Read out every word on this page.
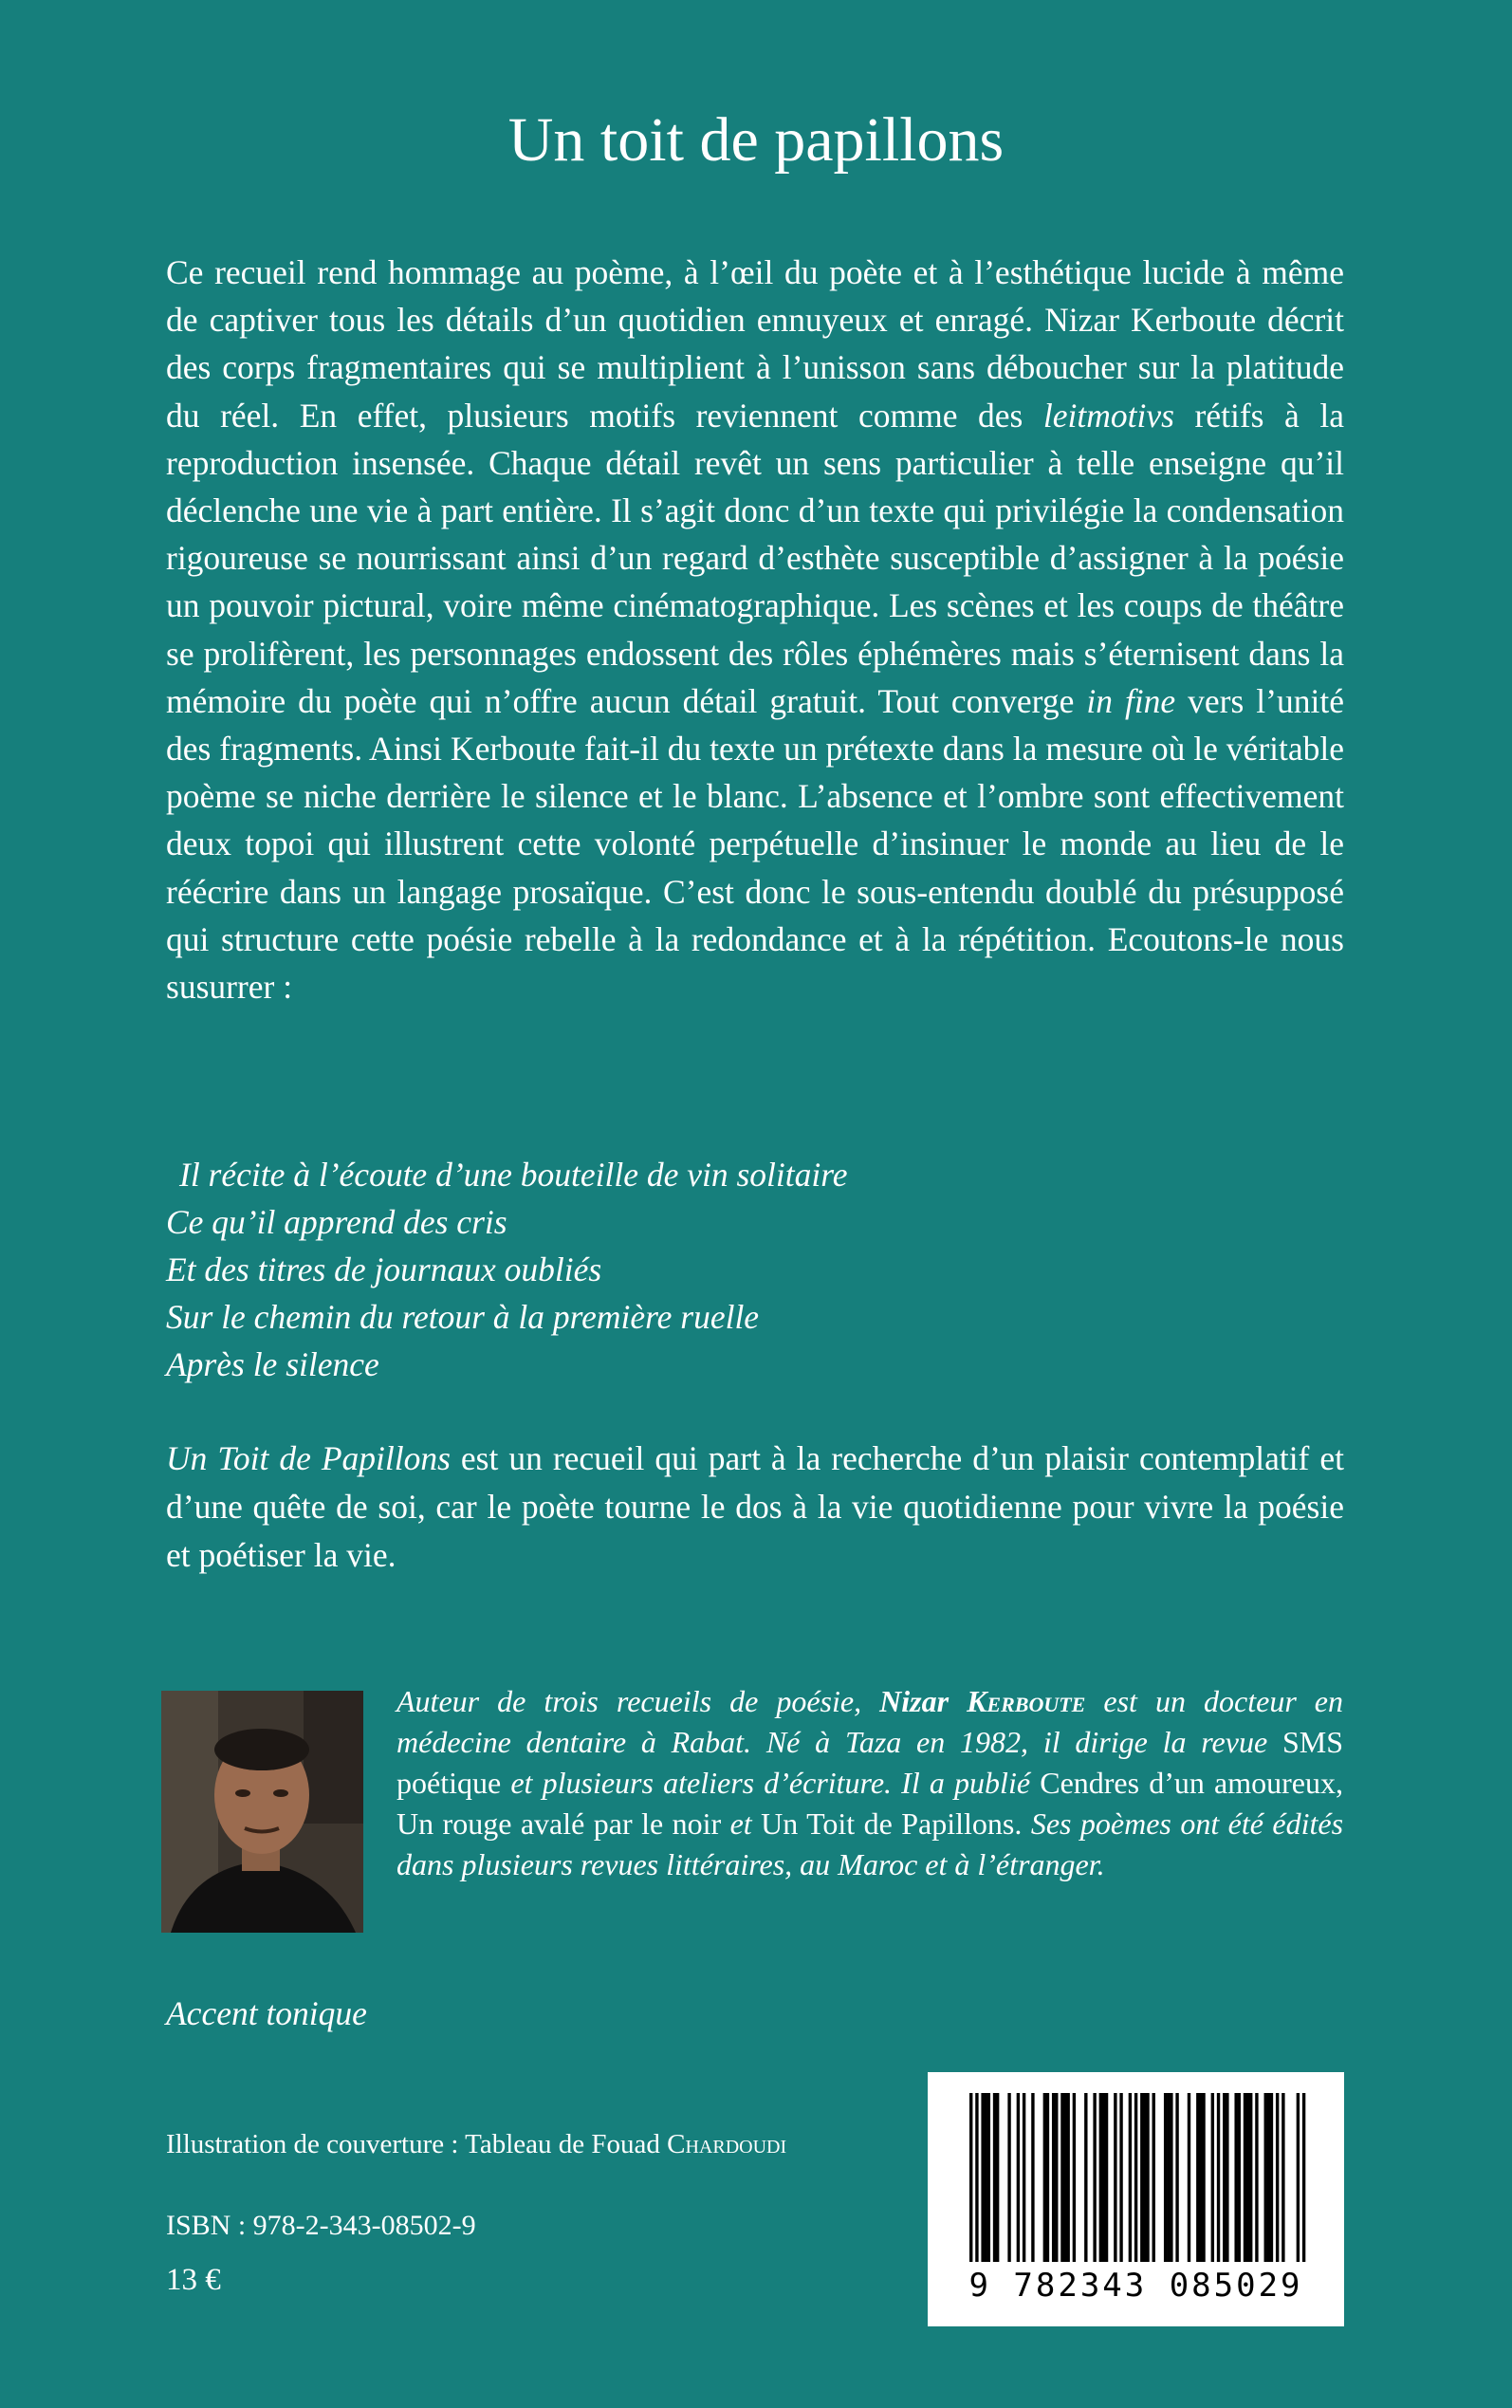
Un toit de papillons

Ce recueil rend hommage au poème, à l’œil du poète et à l’esthétique lucide à même de captiver tous les détails d’un quotidien ennuyeux et enragé. Nizar Kerboute décrit des corps fragmentaires qui se multiplient à l’unisson sans déboucher sur la platitude du réel. En effet, plusieurs motifs reviennent comme des leitmotivs rétifs à la reproduction insensée. Chaque détail revêt un sens particulier à telle enseigne qu’il déclenche une vie à part entière. Il s’agit donc d’un texte qui privilégie la condensation rigoureuse se nourrissant ainsi d’un regard d’esthète susceptible d’assigner à la poésie un pouvoir pictural, voire même cinématographique. Les scènes et les coups de théâtre se prolifèrent, les personnages endossent des rôles éphémères mais s’éternisent dans la mémoire du poète qui n’offre aucun détail gratuit. Tout converge in fine vers l’unité des fragments. Ainsi Kerboute fait-il du texte un prétexte dans la mesure où le véritable poème se niche derrière le silence et le blanc. L’absence et l’ombre sont effectivement deux topoi qui illustrent cette volonté perpétuelle d’insinuer le monde au lieu de le réécrire dans un langage prosaïque. C’est donc le sous-entendu doublé du présupposé qui structure cette poésie rebelle à la redondance et à la répétition. Ecoutons-le nous susurrer :

Il récite à l’écoute d’une bouteille de vin solitaire
Ce qu’il apprend des cris
Et des titres de journaux oubliés
Sur le chemin du retour à la première ruelle
Après le silence

Un Toit de Papillons est un recueil qui part à la recherche d’un plaisir contemplatif et d’une quête de soi, car le poète tourne le dos à la vie quotidienne pour vivre la poésie et poétiser la vie.

Auteur de trois recueils de poésie, Nizar Kerboute est un docteur en médecine dentaire à Rabat. Né à Taza en 1982, il dirige la revue SMS poétique et plusieurs ateliers d’écriture. Il a publié Cendres d’un amoureux, Un rouge avalé par le noir et Un Toit de Papillons. Ses poèmes ont été édités dans plusieurs revues littéraires, au Maroc et à l’étranger.

Accent tonique
Illustration de couverture : Tableau de Fouad Chardoudi
ISBN : 978-2-343-08502-9
13 €	9 782343 085029
